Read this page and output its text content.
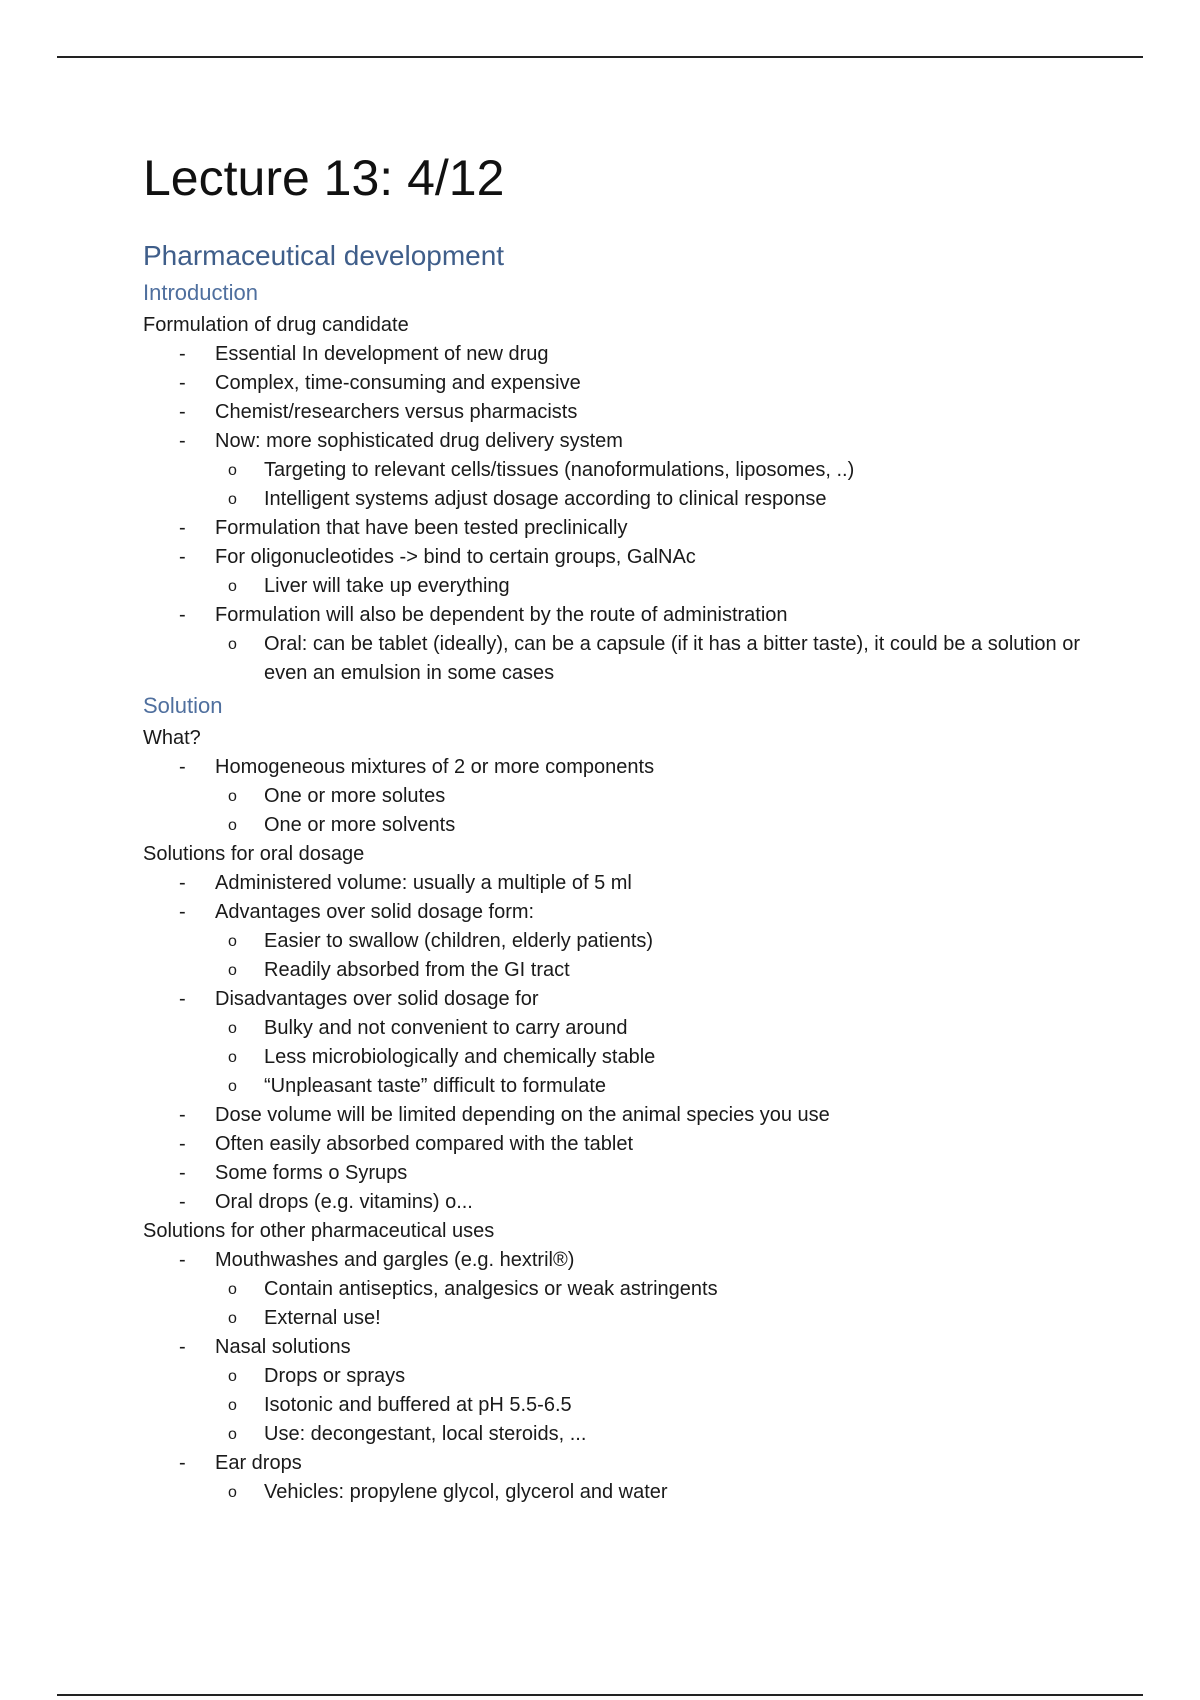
Lecture 13: 4/12
Pharmaceutical development
Introduction
Formulation of drug candidate
- Essential In development of new drug
- Complex, time-consuming and expensive
- Chemist/researchers versus pharmacists
- Now: more sophisticated drug delivery system
o Targeting to relevant cells/tissues (nanoformulations, liposomes, ..)
o Intelligent systems adjust dosage according to clinical response
- Formulation that have been tested preclinically
- For oligonucleotides -> bind to certain groups, GalNAc
o Liver will take up everything
- Formulation will also be dependent by the route of administration
o Oral: can be tablet (ideally), can be a capsule (if it has a bitter taste), it could be a solution or even an emulsion in some cases
Solution
What?
- Homogeneous mixtures of 2 or more components
o One or more solutes
o One or more solvents
Solutions for oral dosage
- Administered volume: usually a multiple of 5 ml
- Advantages over solid dosage form:
o Easier to swallow (children, elderly patients)
o Readily absorbed from the GI tract
- Disadvantages over solid dosage for
o Bulky and not convenient to carry around
o Less microbiologically and chemically stable
o “Unpleasant taste” difficult to formulate
- Dose volume will be limited depending on the animal species you use
- Often easily absorbed compared with the tablet
- Some forms o Syrups
- Oral drops (e.g. vitamins) o...
Solutions for other pharmaceutical uses
- Mouthwashes and gargles (e.g. hextril®)
o Contain antiseptics, analgesics or weak astringents
o External use!
- Nasal solutions
o Drops or sprays
o Isotonic and buffered at pH 5.5-6.5
o Use: decongestant, local steroids, ...
- Ear drops
o Vehicles: propylene glycol, glycerol and water
